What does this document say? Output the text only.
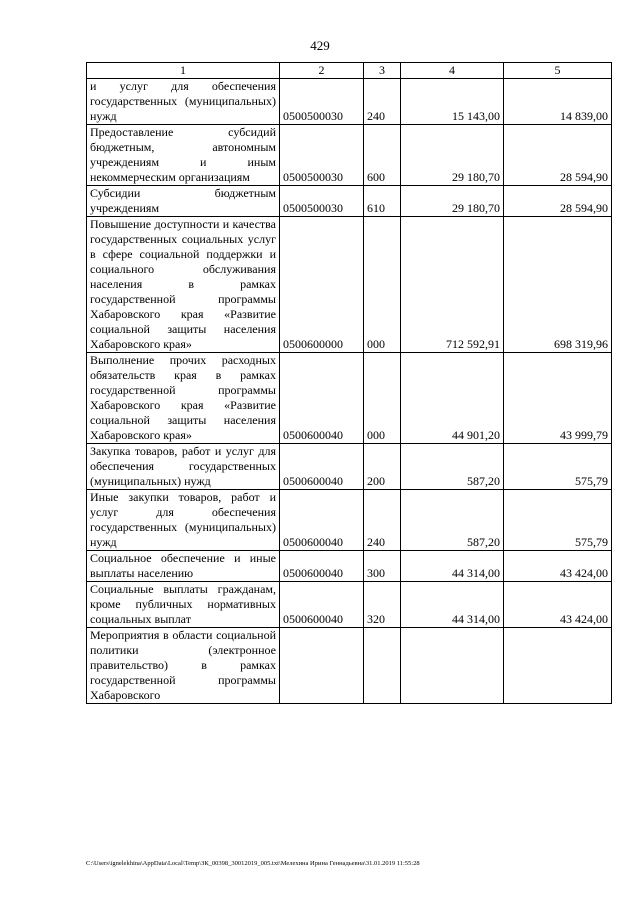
429
1	2	3	4	5
и услуг для обеспечения государственных (муниципальных) нужд	0500500030	240	15 143,00	14 839,00
Предоставление субсидий бюджетным, автономным учреждениям и иным некоммерческим организациям	0500500030	600	29 180,70	28 594,90
Субсидии бюджетным учреждениям	0500500030	610	29 180,70	28 594,90
Повышение доступности и качества государственных социальных услуг в сфере социальной поддержки и социального обслуживания населения в рамках государственной программы Хабаровского края «Развитие социальной защиты населения Хабаровского края»	0500600000	000	712 592,91	698 319,96
Выполнение прочих расходных обязательств края в рамках государственной программы Хабаровского края «Развитие социальной защиты населения Хабаровского края»	0500600040	000	44 901,20	43 999,79
Закупка товаров, работ и услуг для обеспечения государственных (муниципальных) нужд	0500600040	200	587,20	575,79
Иные закупки товаров, работ и услуг для обеспечения государственных (муниципальных) нужд	0500600040	240	587,20	575,79
Социальное обеспечение и иные выплаты населению	0500600040	300	44 314,00	43 424,00
Социальные выплаты гражданам, кроме публичных нормативных социальных выплат	0500600040	320	44 314,00	43 424,00
Мероприятия в области социальной политики (электронное правительство) в рамках государственной программы Хабаровского				
C:\Users\ignelekhina\AppData\Local\Temp\ЗК_00398_30012019_005.txt\Мелехина Ирина Геннадьевна\31.01.2019 11:55:28
